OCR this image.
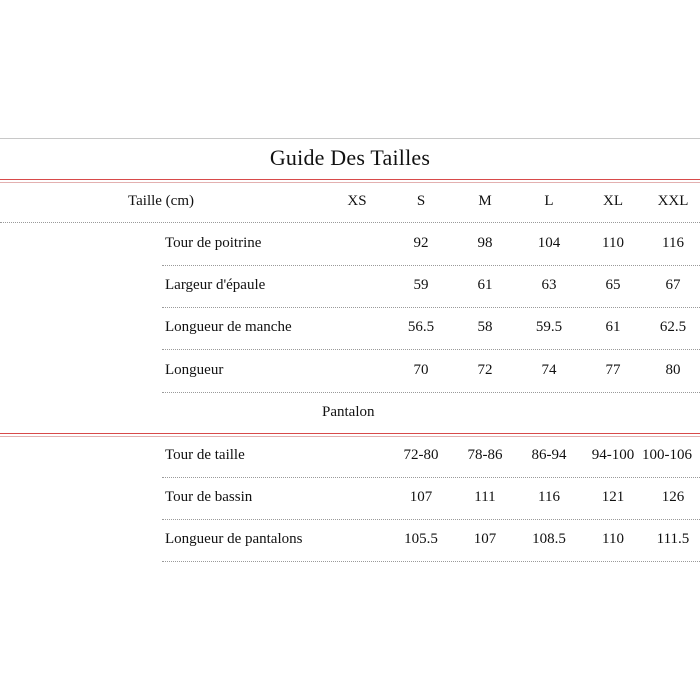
Guide Des Tailles
Taille (cm)	XS	S	M	L	XL	XXL
Tour de poitrine	92	98	104	110	116
Largeur d'épaule	59	61	63	65	67
Longueur de manche	56.5	58	59.5	61	62.5
Longueur	70	72	74	77	80
Pantalon
Tour de taille	72-80	78-86	86-94	94-100 100-106
Tour de bassin	107	111	116	121	126
Longueur de pantalons	105.5	107	108.5	110	111.5
